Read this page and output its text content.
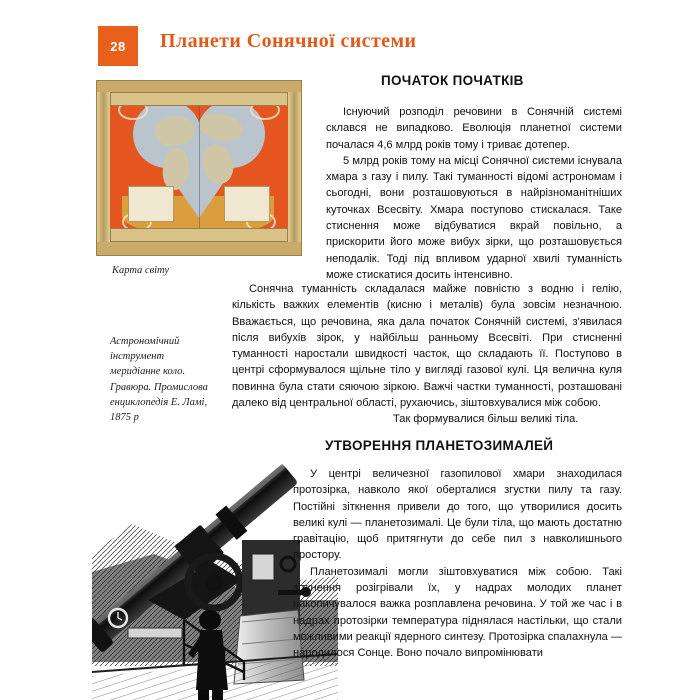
28	Планети Сонячної системи
Карта світу
Астрономічний інструмент меридіанне коло. Гравюра. Промислова енциклопедія Е. Ламі, 1875 р
ПОЧАТОК ПОЧАТКІВ

Існуючий розподіл речовини в Сонячній системі склався не випадково. Еволюція планетної системи почалася 4,6 млрд років тому і триває дотепер.

5 млрд років тому на місці Сонячної системи існувала хмара з газу і пилу. Такі туманності відомі астрономам і сьогодні, вони розташовуються в найрізноманітніших куточках Всесвіту. Хмара поступово стискалася. Таке стиснення може відбуватися вкрай повільно, а прискорити його може вибух зірки, що розташовується неподалік. Тоді під впливом ударної хвилі туманність може стискатися досить інтенсивно.

Сонячна туманність складалася майже повністю з водню і гелію, кількість важких елементів (кисню і металів) була зовсім незначною. Вважається, що речовина, яка дала початок Сонячній системі, з'явилася після вибухів зірок, у найбільш ранньому Всесвіті. При стисненні туманності наростали швидкості часток, що складають її. Поступово в центрі сформувалося щільне тіло у вигляді газової кулі. Ця велична куля повинна була стати сяючою зіркою. Важчі частки туманності, розташовані далеко від центральної області, рухаючись, зіштовхувалися між собою.

Так формувалися більш великі тіла.

УТВОРЕННЯ ПЛАНЕТОЗИМАЛЕЙ

У центрі величезної газопилової хмари знаходилася протозірка, навколо якої оберталися згустки пилу та газу. Постійні зіткнення привели до того, що утворилися досить великі кулі — планетозималі. Це були тіла, що мають достатню гравітацію, щоб притягнути до себе пил з навколишнього простору.

Планетозималі могли зіштовхуватися між собою. Такі зіткнення розігрівали їх, у надрах молодих планет накопичувалося важка розплавлена речовина. У той же час і в надрах протозірки температура піднялася настільки, що стали можливими реакції ядерного синтезу. Протозірка спалахнула — народилося Сонце. Воно почало випромінювати
